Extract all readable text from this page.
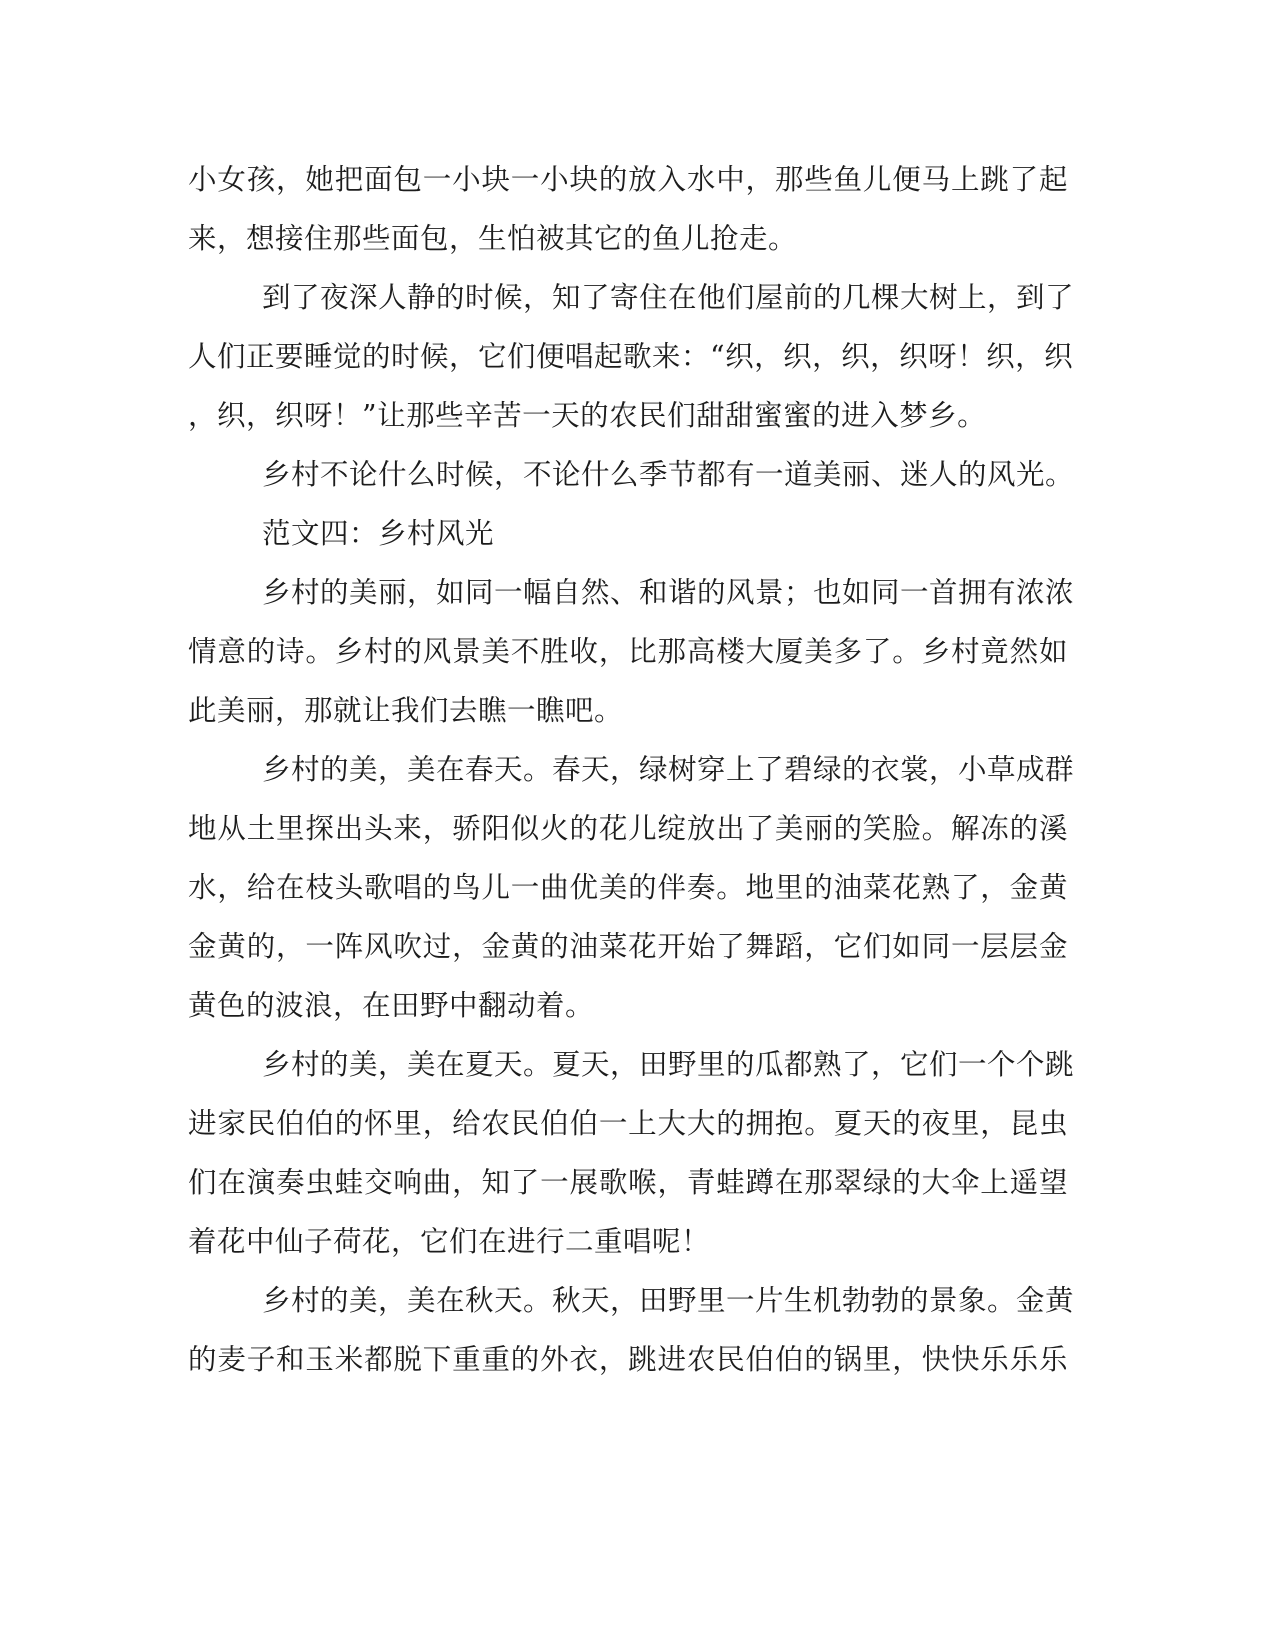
小女孩，她把面包一小块一小块的放入水中，那些鱼儿便马上跳了起
来，想接住那些面包，生怕被其它的鱼儿抢走。
到了夜深人静的时候，知了寄住在他们屋前的几棵大树上，到了
人们正要睡觉的时候，它们便唱起歌来：“织，织，织，织呀！织，织
，织，织呀！”让那些辛苦一天的农民们甜甜蜜蜜的进入梦乡。
乡村不论什么时候，不论什么季节都有一道美丽、迷人的风光。
范文四：乡村风光
乡村的美丽，如同一幅自然、和谐的风景；也如同一首拥有浓浓
情意的诗。乡村的风景美不胜收，比那高楼大厦美多了。乡村竟然如
此美丽，那就让我们去瞧一瞧吧。
乡村的美，美在春天。春天，绿树穿上了碧绿的衣裳，小草成群
地从土里探出头来，骄阳似火的花儿绽放出了美丽的笑脸。解冻的溪
水，给在枝头歌唱的鸟儿一曲优美的伴奏。地里的油菜花熟了，金黄
金黄的，一阵风吹过，金黄的油菜花开始了舞蹈，它们如同一层层金
黄色的波浪，在田野中翻动着。
乡村的美，美在夏天。夏天，田野里的瓜都熟了，它们一个个跳
进家民伯伯的怀里，给农民伯伯一上大大的拥抱。夏天的夜里，昆虫
们在演奏虫蛙交响曲，知了一展歌喉，青蛙蹲在那翠绿的大伞上遥望
着花中仙子荷花，它们在进行二重唱呢！
乡村的美，美在秋天。秋天，田野里一片生机勃勃的景象。金黄
的麦子和玉米都脱下重重的外衣，跳进农民伯伯的锅里，快快乐乐乐
